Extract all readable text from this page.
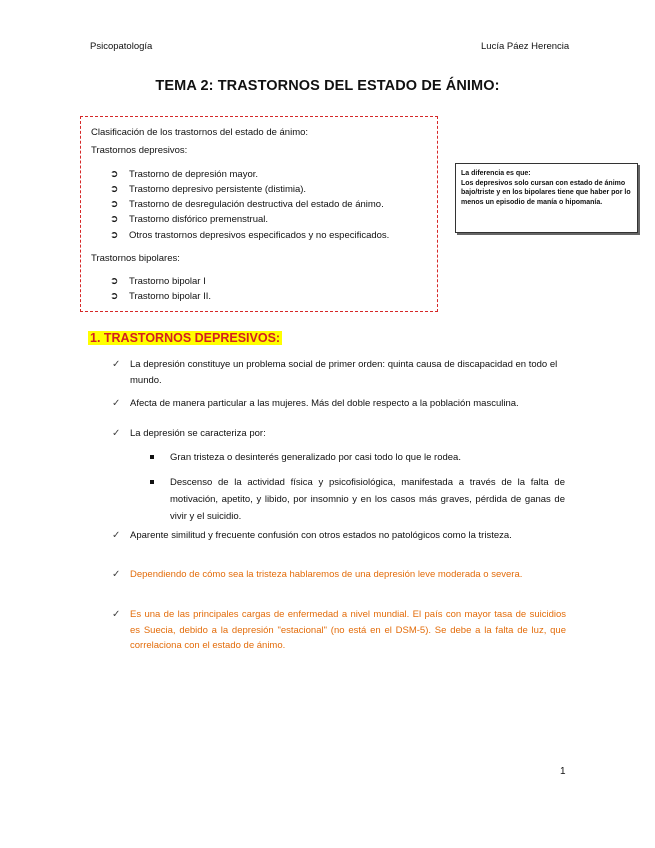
Psicopatología	Lucía Páez Herencia
TEMA 2: TRASTORNOS DEL ESTADO DE ÁNIMO:
Clasificación de los trastornos del estado de ánimo:
Trastornos depresivos:
➲ Trastorno de depresión mayor.
➲ Trastorno depresivo persistente (distimia).
➲ Trastorno de desregulación destructiva del estado de ánimo.
➲ Trastorno disfórico premenstrual.
➲ Otros trastornos depresivos especificados y no especificados.
Trastornos bipolares:
➲ Trastorno bipolar I
➲ Trastorno bipolar II.
La diferencia es que:
Los depresivos solo cursan con estado de ánimo bajo/triste y en los bipolares tiene que haber por lo menos un episodio de manía o hipomanía.
1. TRASTORNOS DEPRESIVOS:
✓ La depresión constituye un problema social de primer orden: quinta causa de discapacidad en todo el mundo.
✓ Afecta de manera particular a las mujeres. Más del doble respecto a la población masculina.
✓ La depresión se caracteriza por:
Gran tristeza o desinterés generalizado por casi todo lo que le rodea.
Descenso de la actividad física y psicofisiológica, manifestada a través de la falta de motivación, apetito, y libido, por insomnio y en los casos más graves, pérdida de ganas de vivir y el suicidio.
✓ Aparente similitud y frecuente confusión con otros estados no patológicos como la tristeza.
✓ Dependiendo de cómo sea la tristeza hablaremos de una depresión leve moderada o severa.
✓ Es una de las principales cargas de enfermedad a nivel mundial. El país con mayor tasa de suicidios es Suecia, debido a la depresión "estacional" (no está en el DSM-5). Se debe a la falta de luz, que correlaciona con el estado de ánimo.
1
